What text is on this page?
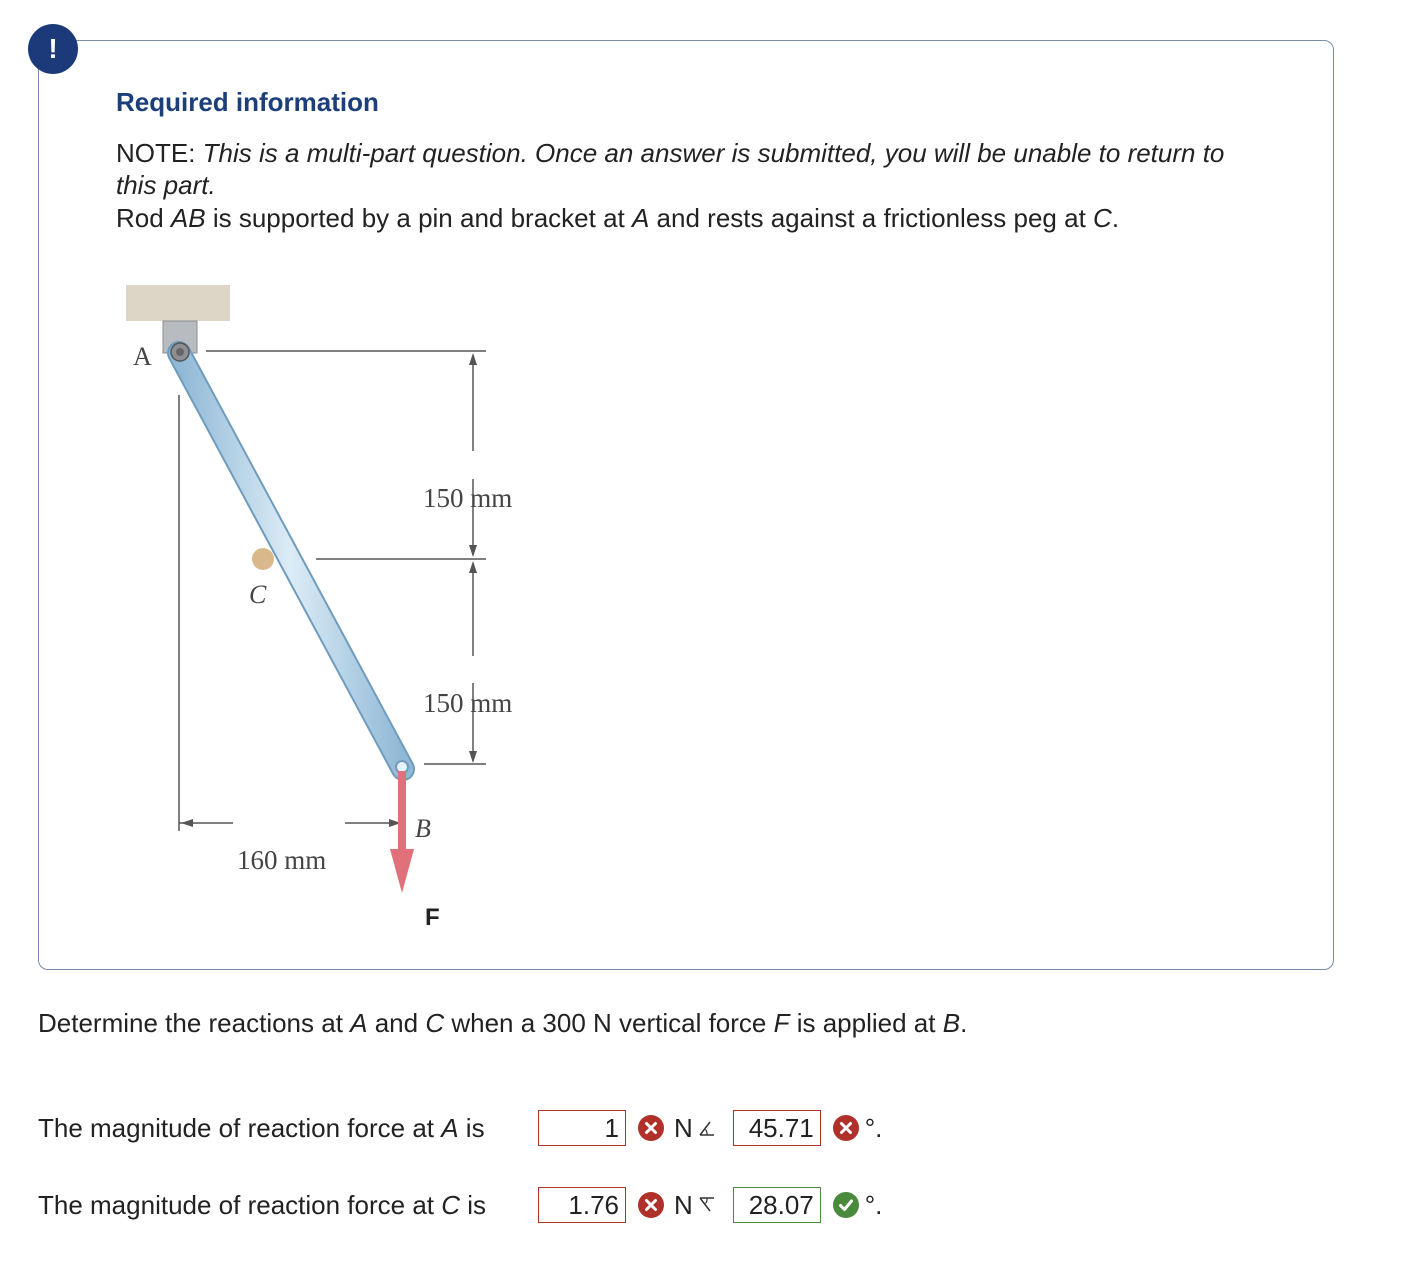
!
Required information
NOTE: This is a multi-part question. Once an answer is submitted, you will be unable to return to this part.
Rod AB is supported by a pin and bracket at A and rests against a frictionless peg at C.
A
C
B
F
150 mm
150 mm
160 mm
Determine the reactions at A and C when a 300 N vertical force F is applied at B.
The magnitude of reaction force at A is	1 N	45.71 °.
The magnitude of reaction force at C is	1.76 N	28.07 °.
